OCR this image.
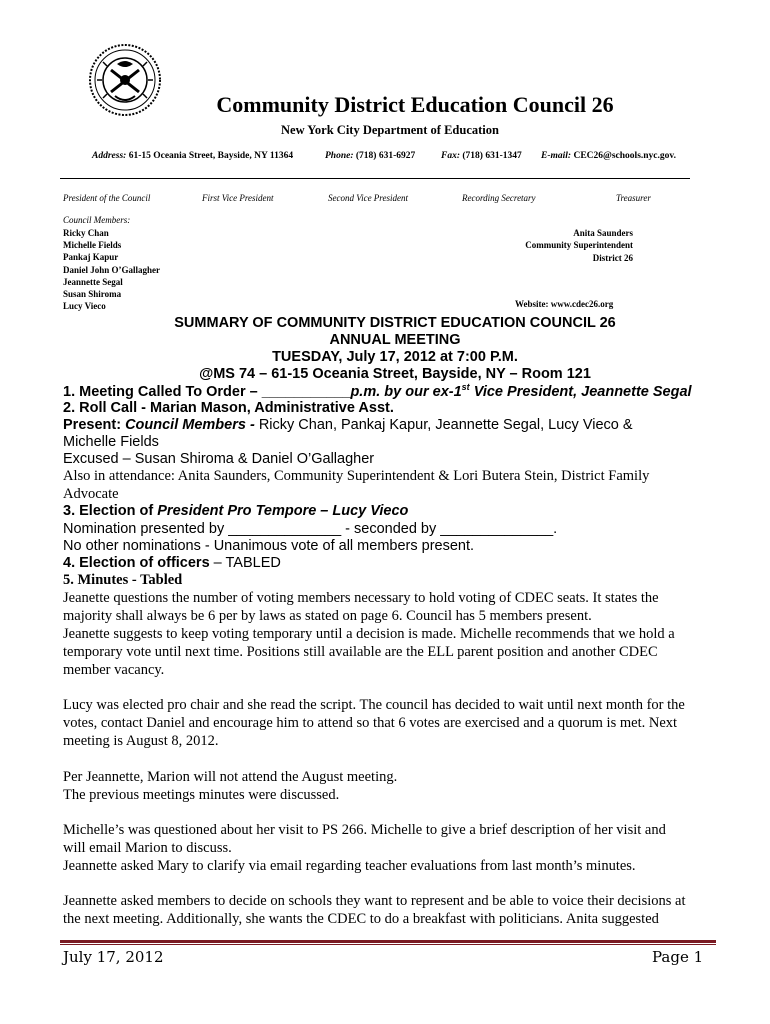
Community District Education Council 26
New York City Department of Education
Address: 61-15 Oceania Street, Bayside, NY 11364	Phone: (718) 631-6927	Fax: (718) 631-1347 E-mail: CEC26@schools.nyc.gov.
President of the Council	First Vice President	Second Vice President	Recording Secretary	Treasurer
Council Members:
Ricky Chan
Michelle Fields
Pankaj Kapur
Daniel John O’Gallagher
Jeannette Segal
Susan Shiroma
Lucy Vieco
Anita Saunders
Community Superintendent
District 26
Website: www.cdec26.org
SUMMARY OF COMMUNITY DISTRICT EDUCATION COUNCIL 26
ANNUAL MEETING
TUESDAY, July 17, 2012 at 7:00 P.M.
@MS 74 – 61-15 Oceania Street, Bayside, NY – Room 121
1. Meeting Called To Order – ___________p.m. by our ex-1st Vice President, Jeannette Segal
2. Roll Call - Marian Mason, Administrative Asst.
Present: Council Members - Ricky Chan, Pankaj Kapur, Jeannette Segal, Lucy Vieco &
Michelle Fields
Excused – Susan Shiroma & Daniel O’Gallagher
Also in attendance: Anita Saunders, Community Superintendent & Lori Butera Stein, District Family
Advocate
3. Election of President Pro Tempore – Lucy Vieco
Nomination presented by ______________ - seconded by ______________.
No other nominations - Unanimous vote of all members present.
4. Election of officers – TABLED
5. Minutes - Tabled
Jeanette questions the number of voting members necessary to hold voting of CDEC seats. It states the
majority shall always be 6 per by laws as stated on page 6. Council has 5 members present.
Jeanette suggests to keep voting temporary until a decision is made. Michelle recommends that we hold a
temporary vote until next time. Positions still available are the ELL parent position and another CDEC
member vacancy.
Lucy was elected pro chair and she read the script. The council has decided to wait until next month for the
votes, contact Daniel and encourage him to attend so that 6 votes are exercised and a quorum is met. Next
meeting is August 8, 2012.
Per Jeannette, Marion will not attend the August meeting.
The previous meetings minutes were discussed.
Michelle’s was questioned about her visit to PS 266. Michelle to give a brief description of her visit and
will email Marion to discuss.
Jeannette asked Mary to clarify via email regarding teacher evaluations from last month’s minutes.
Jeannette asked members to decide on schools they want to represent and be able to voice their decisions at
the next meeting. Additionally, she wants the CDEC to do a breakfast with politicians. Anita suggested
July 17, 2012	Page 1
